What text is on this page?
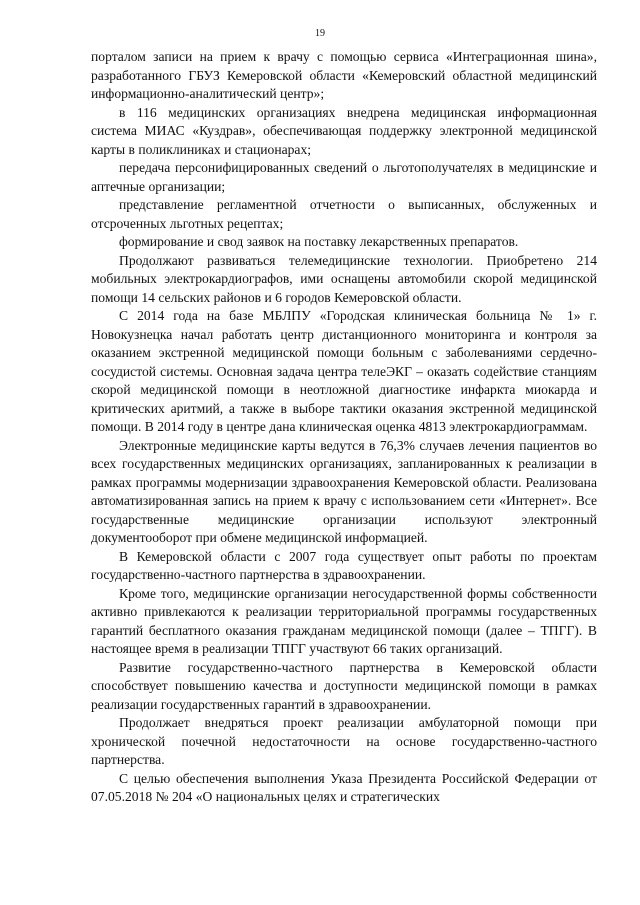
19

порталом записи на прием к врачу с помощью сервиса «Интеграционная шина», разработанного ГБУЗ Кемеровской области «Кемеровский областной медицинский информационно-аналитический центр»;

в 116 медицинских организациях внедрена медицинская информационная система МИАС «Куздрав», обеспечивающая поддержку электронной медицинской карты в поликлиниках и стационарах;

передача персонифицированных сведений о льготополучателях в медицинские и аптечные организации;

представление регламентной отчетности о выписанных, обслуженных и отсроченных льготных рецептах;

формирование и свод заявок на поставку лекарственных препаратов.

Продолжают развиваться телемедицинские технологии. Приобретено 214 мобильных электрокардиографов, ими оснащены автомобили скорой медицинской помощи 14 сельских районов и 6 городов Кемеровской области.

С 2014 года на базе МБЛПУ «Городская клиническая больница № 1» г. Новокузнецка начал работать центр дистанционного мониторинга и контроля за оказанием экстренной медицинской помощи больным с заболеваниями сердечно-сосудистой системы. Основная задача центра телеЭКГ – оказать содействие станциям скорой медицинской помощи в неотложной диагностике инфаркта миокарда и критических аритмий, а также в выборе тактики оказания экстренной медицинской помощи. В 2014 году в центре дана клиническая оценка 4813 электрокардиограммам.

Электронные медицинские карты ведутся в 76,3% случаев лечения пациентов во всех государственных медицинских организациях, запланированных к реализации в рамках программы модернизации здравоохранения Кемеровской области. Реализована автоматизированная запись на прием к врачу с использованием сети «Интернет». Все государственные медицинские организации используют электронный документооборот при обмене медицинской информацией.

В Кемеровской области с 2007 года существует опыт работы по проектам государственно-частного партнерства в здравоохранении.

Кроме того, медицинские организации негосударственной формы собственности активно привлекаются к реализации территориальной программы государственных гарантий бесплатного оказания гражданам медицинской помощи (далее – ТПГГ). В настоящее время в реализации ТПГГ участвуют 66 таких организаций.

Развитие государственно-частного партнерства в Кемеровской области способствует повышению качества и доступности медицинской помощи в рамках реализации государственных гарантий в здравоохранении.

Продолжает внедряться проект реализации амбулаторной помощи при хронической почечной недостаточности на основе государственно-частного партнерства.

С целью обеспечения выполнения Указа Президента Российской Федерации от 07.05.2018 № 204 «О национальных целях и стратегических
